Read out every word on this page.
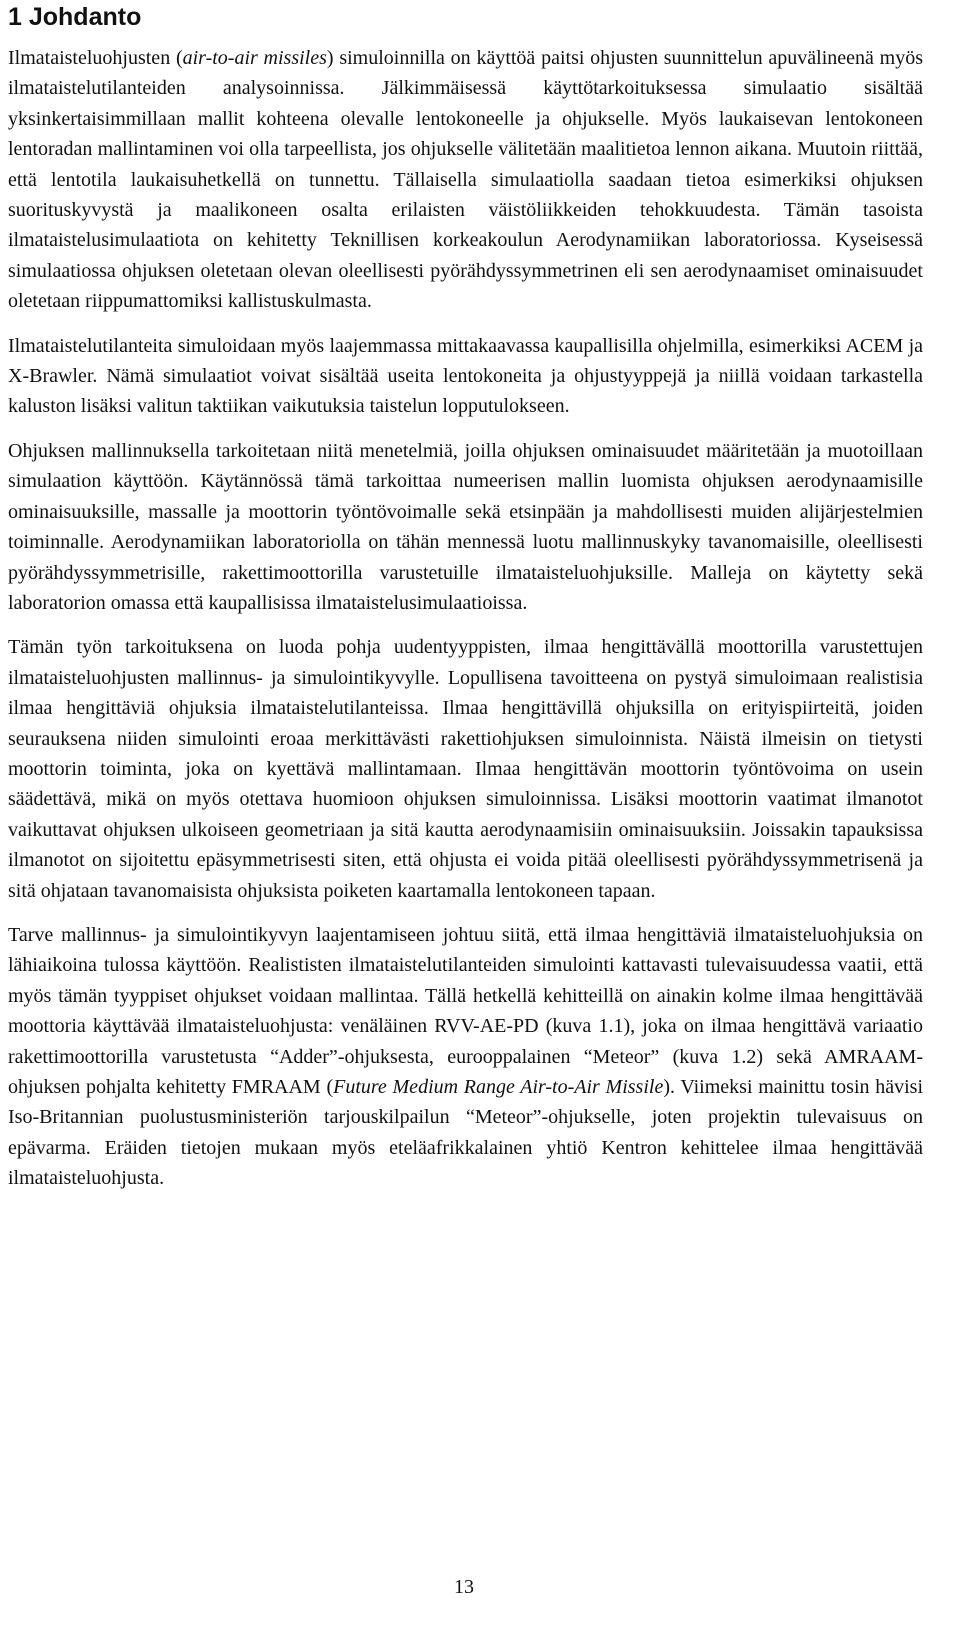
1 Johdanto

Ilmataisteluohjusten (air-to-air missiles) simuloinnilla on käyttöä paitsi ohjusten suunnittelun apuvälineenä myös ilmataistelutilanteiden analysoinnissa. Jälkimmäisessä käyttötarkoituksessa simulaatio sisältää yksinkertaisimmillaan mallit kohteena olevalle lentokoneelle ja ohjukselle. Myös laukaisevan lentokoneen lentoradan mallintaminen voi olla tarpeellista, jos ohjukselle välitetään maalitietoa lennon aikana. Muutoin riittää, että lentotila laukaisuhetkellä on tunnettu. Tällaisella simulaatiolla saadaan tietoa esimerkiksi ohjuksen suorituskyvystä ja maalikoneen osalta erilaisten väistöliikkeiden tehokkuudesta. Tämän tasoista ilmataistelusimulaatiota on kehitetty Teknillisen korkeakoulun Aerodynamiikan laboratoriossa. Kyseisessä simulaatiossa ohjuksen oletetaan olevan oleellisesti pyörähdyssymmetrinen eli sen aerodynaamiset ominaisuudet oletetaan riippumattomiksi kallistuskulmasta.

Ilmataistelutilanteita simuloidaan myös laajemmassa mittakaavassa kaupallisilla ohjelmilla, esimerkiksi ACEM ja X-Brawler. Nämä simulaatiot voivat sisältää useita lentokoneita ja ohjustyyppejä ja niillä voidaan tarkastella kaluston lisäksi valitun taktiikan vaikutuksia taistelun lopputulokseen.

Ohjuksen mallinnuksella tarkoitetaan niitä menetelmiä, joilla ohjuksen ominaisuudet määritetään ja muotoillaan simulaation käyttöön. Käytännössä tämä tarkoittaa numeerisen mallin luomista ohjuksen aerodynaamisille ominaisuuksille, massalle ja moottorin työntövoimalle sekä etsinpään ja mahdollisesti muiden alijärjestelmien toiminnalle. Aerodynamiikan laboratoriolla on tähän mennessä luotu mallinnuskyky tavanomaisille, oleellisesti pyörähdyssymmetrisille, rakettimoottorilla varustetuille ilmataisteluohjuksille. Malleja on käytetty sekä laboratorion omassa että kaupallisissa ilmataistelusimulaatioissa.

Tämän työn tarkoituksena on luoda pohja uudentyyppisten, ilmaa hengittävällä moottorilla varustettujen ilmataisteluohjusten mallinnus- ja simulointikyvylle. Lopullisena tavoitteena on pystyä simuloimaan realistisia ilmaa hengittäviä ohjuksia ilmataistelutilanteissa. Ilmaa hengittävillä ohjuksilla on erityispiirteitä, joiden seurauksena niiden simulointi eroaa merkittävästi rakettiohjuksen simuloinnista. Näistä ilmeisin on tietysti moottorin toiminta, joka on kyettävä mallintamaan. Ilmaa hengittävän moottorin työntövoima on usein säädettävä, mikä on myös otettava huomioon ohjuksen simuloinnissa. Lisäksi moottorin vaatimat ilmanotot vaikuttavat ohjuksen ulkoiseen geometriaan ja sitä kautta aerodynaamisiin ominaisuuksiin. Joissakin tapauksissa ilmanotot on sijoitettu epäsymmetrisesti siten, että ohjusta ei voida pitää oleellisesti pyörähdyssymmetrisenä ja sitä ohjataan tavanomaisista ohjuksista poiketen kaartamalla lentokoneen tapaan.

Tarve mallinnus- ja simulointikyvyn laajentamiseen johtuu siitä, että ilmaa hengittäviä ilmataisteluohjuksia on lähiaikoina tulossa käyttöön. Realististen ilmataistelutilanteiden simulointi kattavasti tulevaisuudessa vaatii, että myös tämän tyyppiset ohjukset voidaan mallintaa. Tällä hetkellä kehitteillä on ainakin kolme ilmaa hengittävää moottoria käyttävää ilmataisteluohjusta: venäläinen RVV-AE-PD (kuva 1.1), joka on ilmaa hengittävä variaatio rakettimoottorilla varustetusta “Adder”-ohjuksesta, eurooppalainen “Meteor” (kuva 1.2) sekä AMRAAM-ohjuksen pohjalta kehitetty FMRAAM (Future Medium Range Air-to-Air Missile). Viimeksi mainittu tosin hävisi Iso-Britannian puolustusministeriön tarjouskilpailun “Meteor”-ohjukselle, joten projektin tulevaisuus on epävarma. Eräiden tietojen mukaan myös eteläafrikkalainen yhtiö Kentron kehittelee ilmaa hengittävää ilmataisteluohjusta.

13
